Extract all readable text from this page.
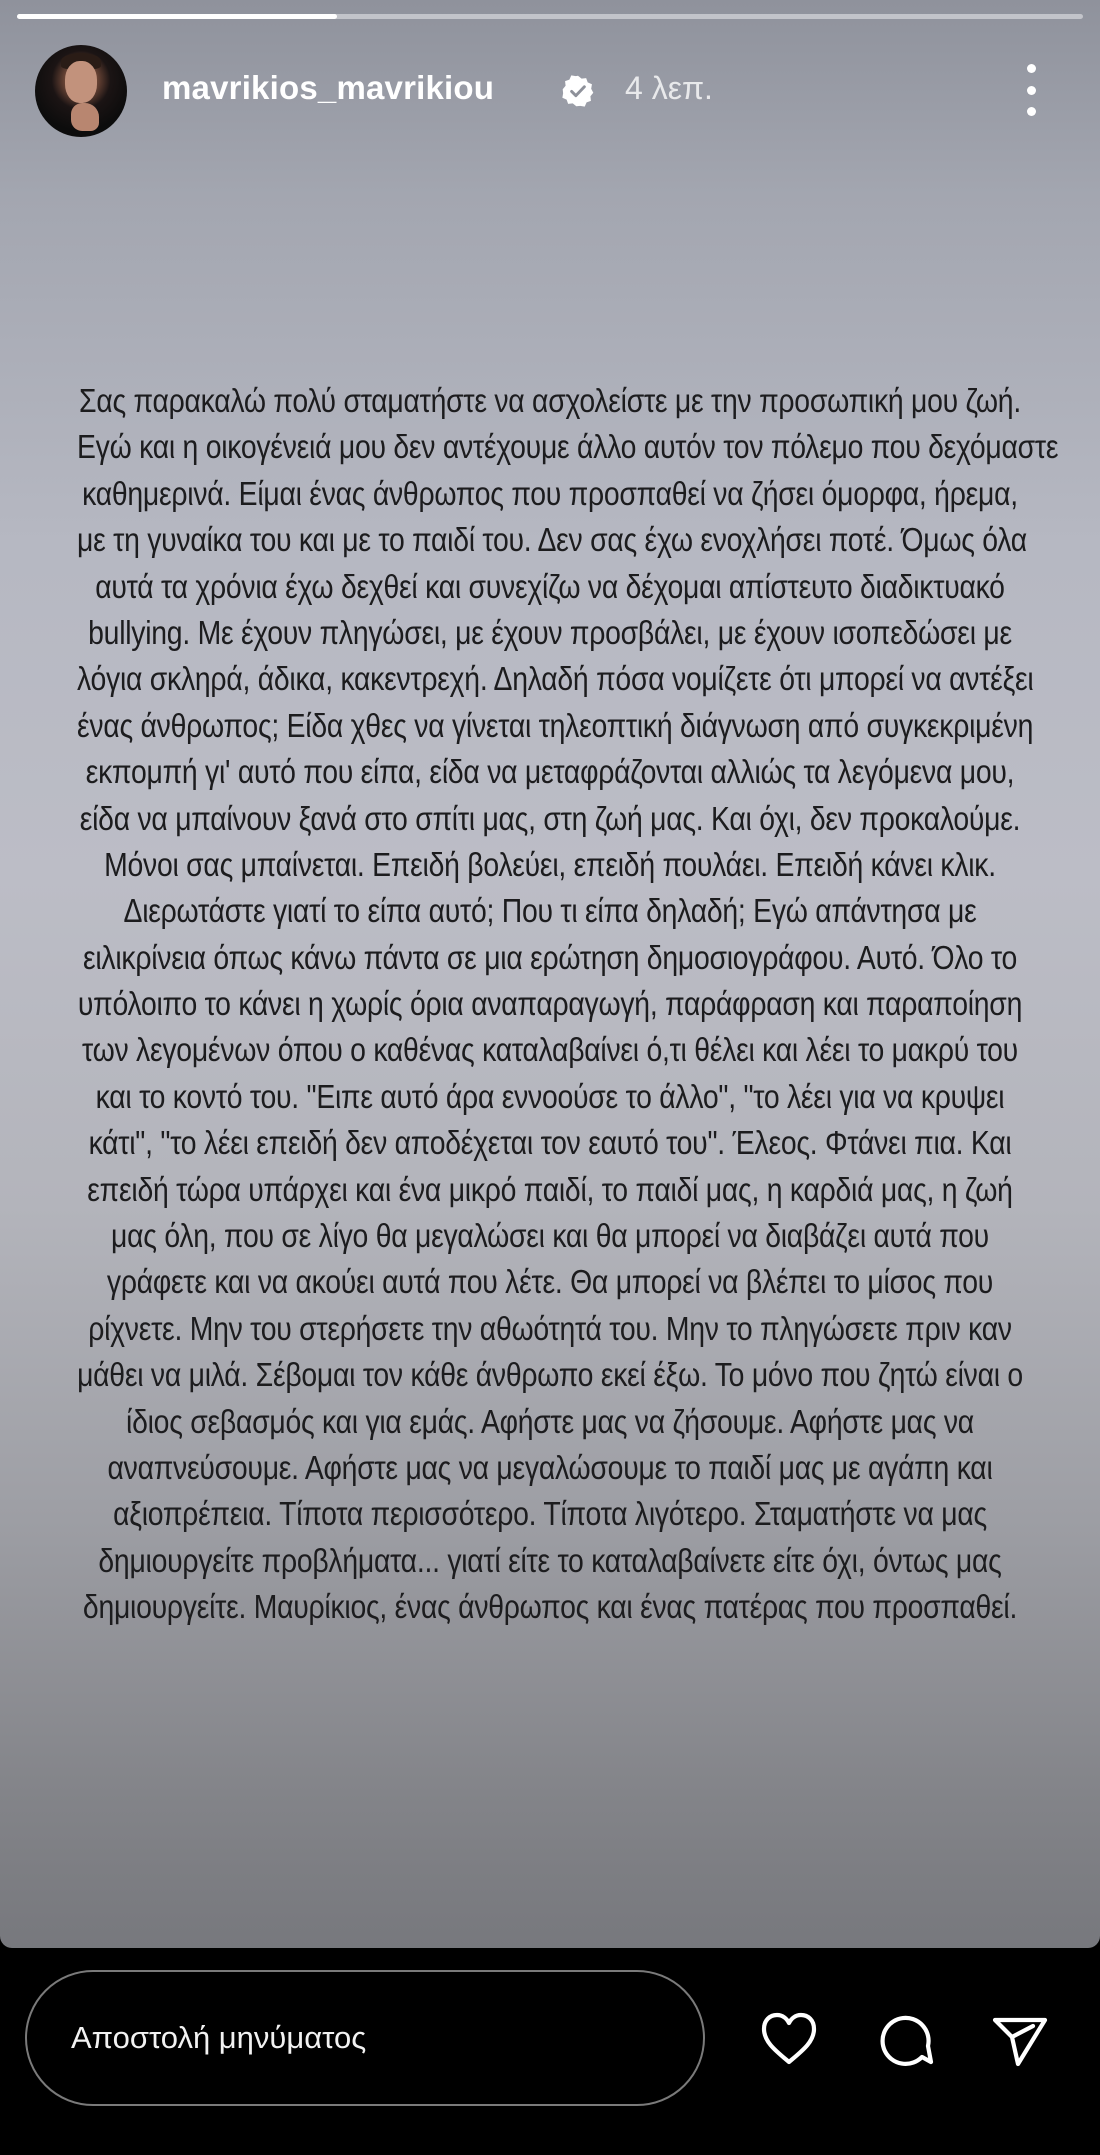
mavrikios_mavrikiou	4 λεπ.
Σας παρακαλώ πολύ σταματήστε να ασχολείστε με την προσωπική μου ζωή.
Εγώ και η οικογένειά μου δεν αντέχουμε άλλο αυτόν τον πόλεμο που δεχόμαστε
καθημερινά. Είμαι ένας άνθρωπος που προσπαθεί να ζήσει όμορφα, ήρεμα,
με τη γυναίκα του και με το παιδί του. Δεν σας έχω ενοχλήσει ποτέ. Όμως όλα
αυτά τα χρόνια έχω δεχθεί και συνεχίζω να δέχομαι απίστευτο διαδικτυακό
bullying. Με έχουν πληγώσει, με έχουν προσβάλει, με έχουν ισοπεδώσει με
λόγια σκληρά, άδικα, κακεντρεχή. Δηλαδή πόσα νομίζετε ότι μπορεί να αντέξει
ένας άνθρωπος; Είδα χθες να γίνεται τηλεοπτική διάγνωση από συγκεκριμένη
εκπομπή γι' αυτό που είπα, είδα να μεταφράζονται αλλιώς τα λεγόμενα μου,
είδα να μπαίνουν ξανά στο σπίτι μας, στη ζωή μας. Και όχι, δεν προκαλούμε.
Μόνοι σας μπαίνεται. Επειδή βολεύει, επειδή πουλάει. Επειδή κάνει κλικ.
Διερωτάστε γιατί το είπα αυτό; Που τι είπα δηλαδή; Εγώ απάντησα με
ειλικρίνεια όπως κάνω πάντα σε μια ερώτηση δημοσιογράφου. Αυτό. Όλο το
υπόλοιπο το κάνει η χωρίς όρια αναπαραγωγή, παράφραση και παραποίηση
των λεγομένων όπου ο καθένας καταλαβαίνει ό,τι θέλει και λέει το μακρύ του
και το κοντό του. "Ειπε αυτό άρα εννοούσε το άλλο", "το λέει για να κρυψει
κάτι", "το λέει επειδή δεν αποδέχεται τον εαυτό του". Έλεος. Φτάνει πια. Και
επειδή τώρα υπάρχει και ένα μικρό παιδί, το παιδί μας, η καρδιά μας, η ζωή
μας όλη, που σε λίγο θα μεγαλώσει και θα μπορεί να διαβάζει αυτά που
γράφετε και να ακούει αυτά που λέτε. Θα μπορεί να βλέπει το μίσος που
ρίχνετε. Μην του στερήσετε την αθωότητά του. Μην το πληγώσετε πριν καν
μάθει να μιλά. Σέβομαι τον κάθε άνθρωπο εκεί έξω. Το μόνο που ζητώ είναι ο
ίδιος σεβασμός και για εμάς. Αφήστε μας να ζήσουμε. Αφήστε μας να
αναπνεύσουμε. Αφήστε μας να μεγαλώσουμε το παιδί μας με αγάπη και
αξιοπρέπεια. Τίποτα περισσότερο. Τίποτα λιγότερο. Σταματήστε να μας
δημιουργείτε προβλήματα... γιατί είτε το καταλαβαίνετε είτε όχι, όντως μας
δημιουργείτε. Μαυρίκιος, ένας άνθρωπος και ένας πατέρας που προσπαθεί.
Αποστολή μηνύματος
